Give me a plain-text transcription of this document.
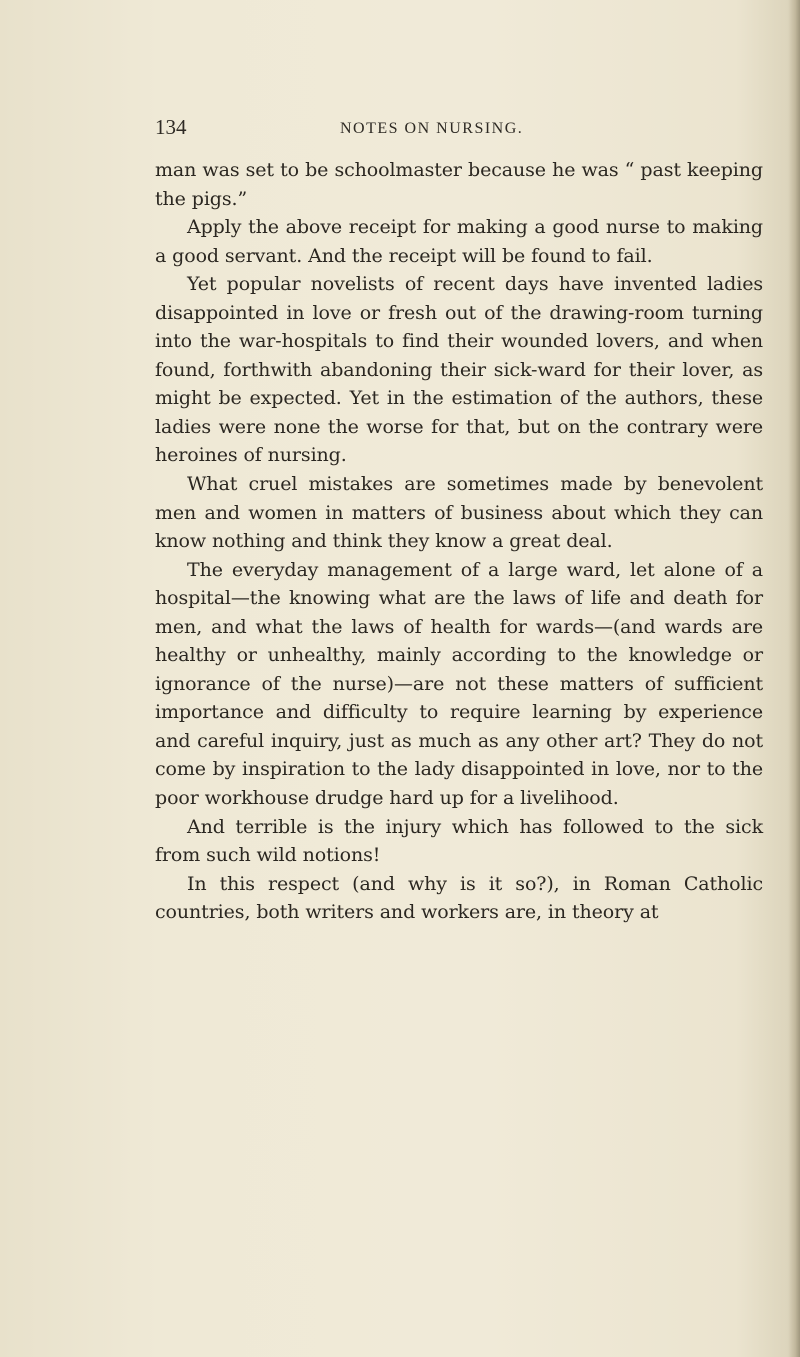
134	NOTES ON NURSING.

man was set to be schoolmaster because he was “ past keeping the pigs.”

Apply the above receipt for making a good nurse to making a good servant. And the receipt will be found to fail.

Yet popular novelists of recent days have invented ladies disappointed in love or fresh out of the drawing-room turning into the war-hospitals to find their wounded lovers, and when found, forthwith abandoning their sick-ward for their lover, as might be expected. Yet in the estimation of the authors, these ladies were none the worse for that, but on the contrary were heroines of nursing.

What cruel mistakes are sometimes made by benevolent men and women in matters of business about which they can know nothing and think they know a great deal.

The everyday management of a large ward, let alone of a hospital—the knowing what are the laws of life and death for men, and what the laws of health for wards—(and wards are healthy or unhealthy, mainly according to the knowledge or ignorance of the nurse)—are not these matters of sufficient importance and difficulty to require learning by experience and careful inquiry, just as much as any other art? They do not come by inspiration to the lady disappointed in love, nor to the poor workhouse drudge hard up for a livelihood.

And terrible is the injury which has followed to the sick from such wild notions!

In this respect (and why is it so?), in Roman Catholic countries, both writers and workers are, in theory at
